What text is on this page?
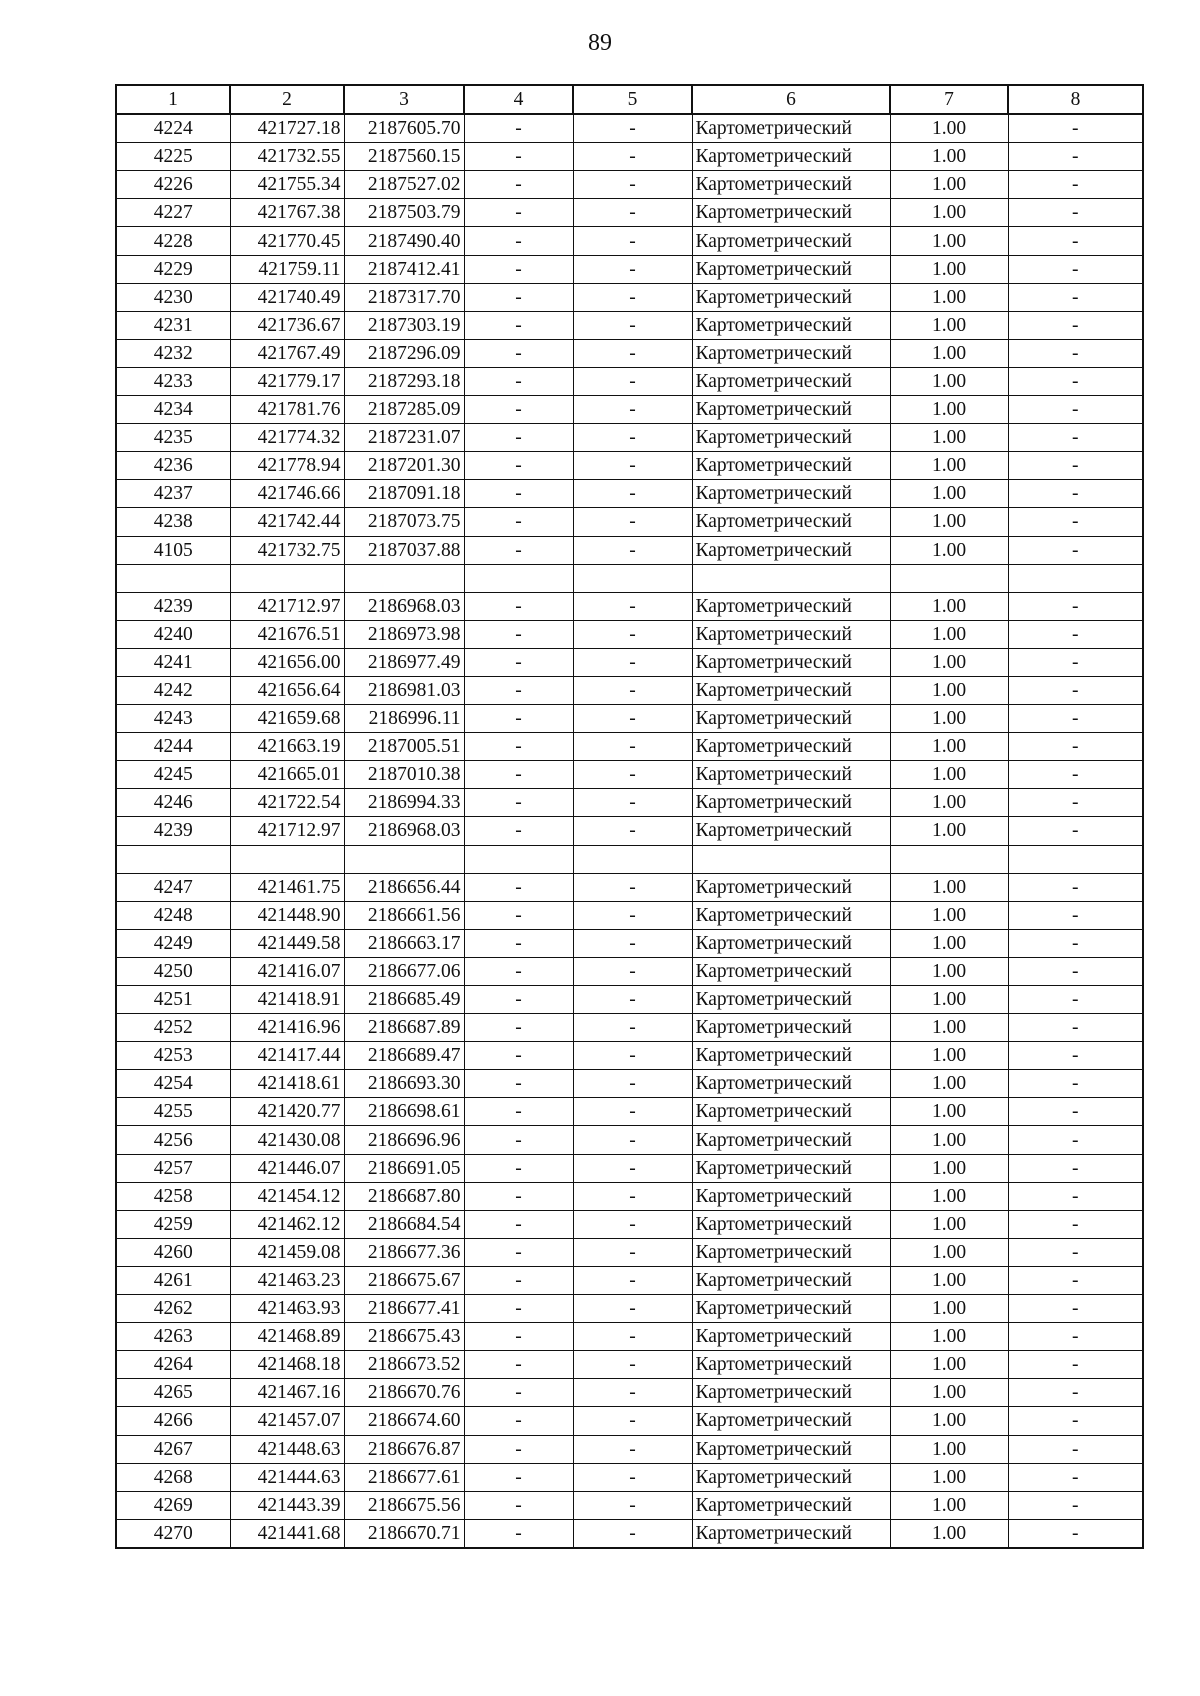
89
1	2	3	4	5	6	7	8
4224	421727.18	2187605.70	-	-	Картометрический	1.00	-
4225	421732.55	2187560.15	-	-	Картометрический	1.00	-
4226	421755.34	2187527.02	-	-	Картометрический	1.00	-
4227	421767.38	2187503.79	-	-	Картометрический	1.00	-
4228	421770.45	2187490.40	-	-	Картометрический	1.00	-
4229	421759.11	2187412.41	-	-	Картометрический	1.00	-
4230	421740.49	2187317.70	-	-	Картометрический	1.00	-
4231	421736.67	2187303.19	-	-	Картометрический	1.00	-
4232	421767.49	2187296.09	-	-	Картометрический	1.00	-
4233	421779.17	2187293.18	-	-	Картометрический	1.00	-
4234	421781.76	2187285.09	-	-	Картометрический	1.00	-
4235	421774.32	2187231.07	-	-	Картометрический	1.00	-
4236	421778.94	2187201.30	-	-	Картометрический	1.00	-
4237	421746.66	2187091.18	-	-	Картометрический	1.00	-
4238	421742.44	2187073.75	-	-	Картометрический	1.00	-
4105	421732.75	2187037.88	-	-	Картометрический	1.00	-

4239	421712.97	2186968.03	-	-	Картометрический	1.00	-
4240	421676.51	2186973.98	-	-	Картометрический	1.00	-
4241	421656.00	2186977.49	-	-	Картометрический	1.00	-
4242	421656.64	2186981.03	-	-	Картометрический	1.00	-
4243	421659.68	2186996.11	-	-	Картометрический	1.00	-
4244	421663.19	2187005.51	-	-	Картометрический	1.00	-
4245	421665.01	2187010.38	-	-	Картометрический	1.00	-
4246	421722.54	2186994.33	-	-	Картометрический	1.00	-
4239	421712.97	2186968.03	-	-	Картометрический	1.00	-

4247	421461.75	2186656.44	-	-	Картометрический	1.00	-
4248	421448.90	2186661.56	-	-	Картометрический	1.00	-
4249	421449.58	2186663.17	-	-	Картометрический	1.00	-
4250	421416.07	2186677.06	-	-	Картометрический	1.00	-
4251	421418.91	2186685.49	-	-	Картометрический	1.00	-
4252	421416.96	2186687.89	-	-	Картометрический	1.00	-
4253	421417.44	2186689.47	-	-	Картометрический	1.00	-
4254	421418.61	2186693.30	-	-	Картометрический	1.00	-
4255	421420.77	2186698.61	-	-	Картометрический	1.00	-
4256	421430.08	2186696.96	-	-	Картометрический	1.00	-
4257	421446.07	2186691.05	-	-	Картометрический	1.00	-
4258	421454.12	2186687.80	-	-	Картометрический	1.00	-
4259	421462.12	2186684.54	-	-	Картометрический	1.00	-
4260	421459.08	2186677.36	-	-	Картометрический	1.00	-
4261	421463.23	2186675.67	-	-	Картометрический	1.00	-
4262	421463.93	2186677.41	-	-	Картометрический	1.00	-
4263	421468.89	2186675.43	-	-	Картометрический	1.00	-
4264	421468.18	2186673.52	-	-	Картометрический	1.00	-
4265	421467.16	2186670.76	-	-	Картометрический	1.00	-
4266	421457.07	2186674.60	-	-	Картометрический	1.00	-
4267	421448.63	2186676.87	-	-	Картометрический	1.00	-
4268	421444.63	2186677.61	-	-	Картометрический	1.00	-
4269	421443.39	2186675.56	-	-	Картометрический	1.00	-
4270	421441.68	2186670.71	-	-	Картометрический	1.00	-
